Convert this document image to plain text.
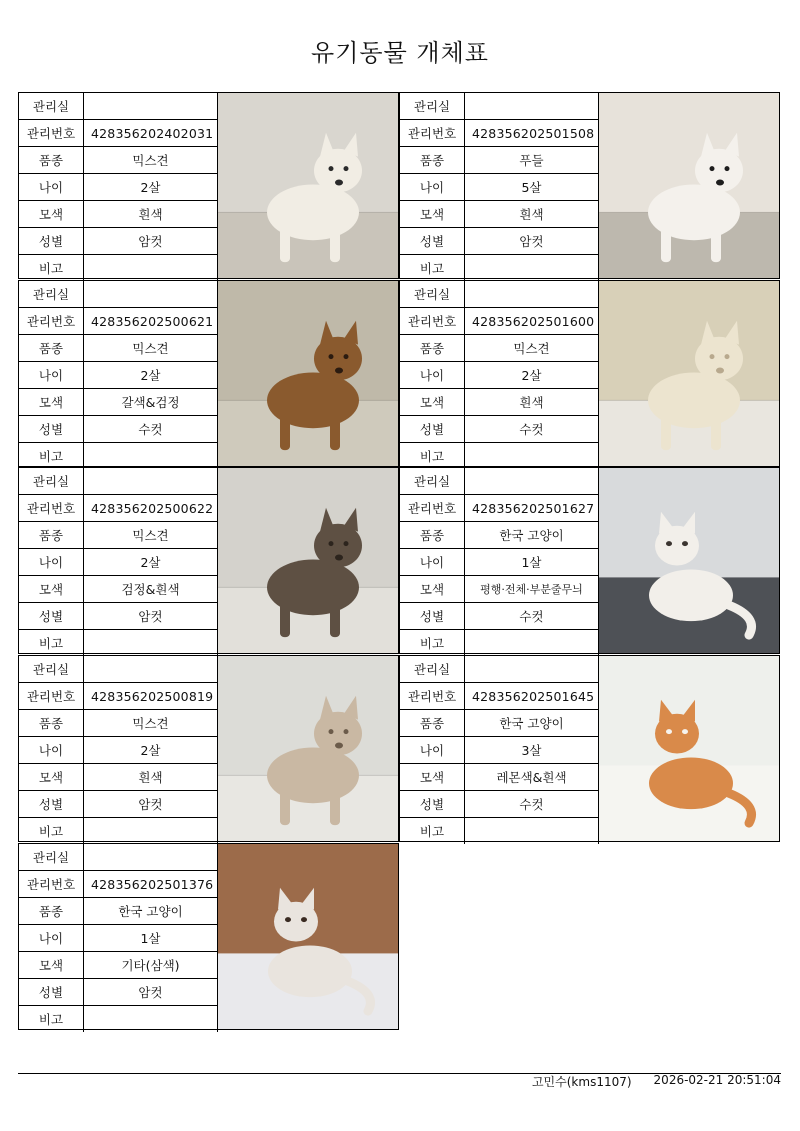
유기동물 개체표
관리실	
관리번호	428356202402031
품종	믹스견
나이	2살
모색	흰색
성별	암컷
비고	
관리실	
관리번호	428356202501508
품종	푸들
나이	5살
모색	흰색
성별	암컷
비고	
관리실	
관리번호	428356202500621
품종	믹스견
나이	2살
모색	갈색&검정
성별	수컷
비고	
관리실	
관리번호	428356202501600
품종	믹스견
나이	2살
모색	흰색
성별	수컷
비고	
관리실	
관리번호	428356202500622
품종	믹스견
나이	2살
모색	검정&흰색
성별	암컷
비고	
관리실	
관리번호	428356202501627
품종	한국 고양이
나이	1살
모색	평행·전체·부분줄무늬
성별	수컷
비고	
관리실	
관리번호	428356202500819
품종	믹스견
나이	2살
모색	흰색
성별	암컷
비고	
관리실	
관리번호	428356202501645
품종	한국 고양이
나이	3살
모색	레몬색&흰색
성별	수컷
비고	
관리실	
관리번호	428356202501376
품종	한국 고양이
나이	1살
모색	기타(삼색)
성별	암컷
비고	
고민수(kms1107) 2026-02-21 20:51:04
